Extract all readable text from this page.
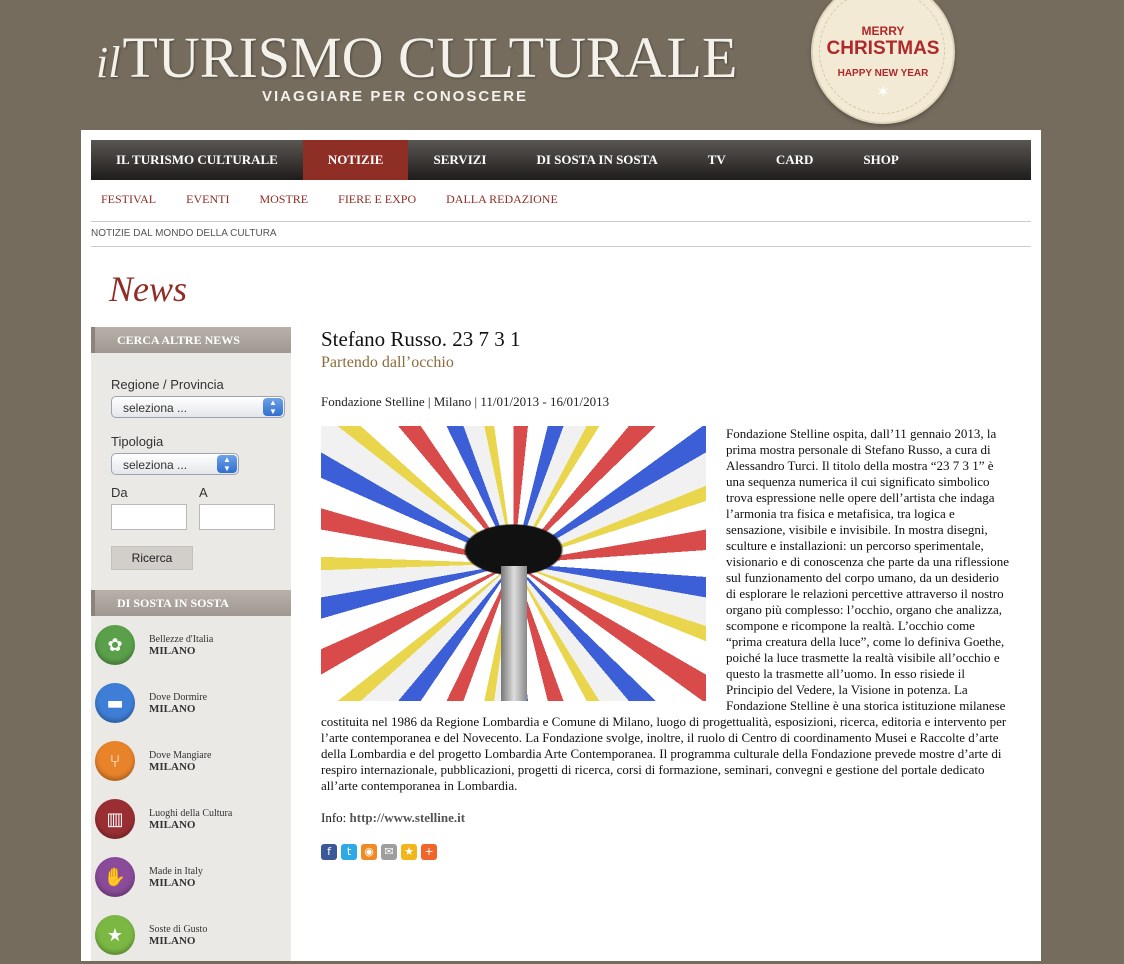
ilTURISMO CULTURALE
VIAGGIARE PER CONOSCERE
MERRY
CHRISTMAS
HAPPY NEW YEAR
✶
IL TURISMO CULTURALE	NOTIZIE	SERVIZI	DI SOSTA IN SOSTA	TV	CARD	SHOP
FESTIVAL	EVENTI	MOSTRE	FIERE E EXPO	DALLA REDAZIONE
NOTIZIE DAL MONDO DELLA CULTURA
News
CERCA ALTRE NEWS
Regione / Provincia
seleziona ...	▲
▼
Tipologia
seleziona ...	▲
▼
Da	A
Ricerca
DI SOSTA IN SOSTA
✿	Bellezze d'Italia
MILANO
▬	Dove Dormire
MILANO
⑂	Dove Mangiare
MILANO
▥	Luoghi della Cultura
MILANO
✋	Made in Italy
MILANO
★	Soste di Gusto
MILANO
Stefano Russo. 23 7 3 1
Partendo dall’occhio
Fondazione Stelline | Milano | 11/01/2013 - 16/01/2013
Fondazione Stelline ospita, dall’11 gennaio 2013, la prima mostra personale di Stefano Russo, a cura di Alessandro Turci. Il titolo della mostra “23 7 3 1” è una sequenza numerica il cui significato simbolico trova espressione nelle opere dell’artista che indaga l’armonia tra fisica e metafisica, tra logica e sensazione, visibile e invisibile. In mostra disegni, sculture e installazioni: un percorso sperimentale, visionario e di conoscenza che parte da una riflessione sul funzionamento del corpo umano, da un desiderio di esplorare le relazioni percettive attraverso il nostro organo più complesso: l’occhio, organo che analizza, scompone e ricompone la realtà. L’occhio come “prima creatura della luce”, come lo definiva Goethe, poiché la luce trasmette la realtà visibile all’occhio e questo la trasmette all’uomo. In esso risiede il Principio del Vedere, la Visione in potenza. La Fondazione Stelline è una storica istituzione milanese costituita nel 1986 da Regione Lombardia e Comune di Milano, luogo di progettualità, esposizioni, ricerca, editoria e intervento per l’arte contemporanea e del Novecento. La Fondazione svolge, inoltre, il ruolo di Centro di coordinamento Musei e Raccolte d’arte della Lombardia e del progetto Lombardia Arte Contemporanea. Il programma culturale della Fondazione prevede mostre d’arte di respiro internazionale, pubblicazioni, progetti di ricerca, corsi di formazione, seminari, convegni e gestione del portale dedicato all’arte contemporanea in Lombardia.
Info: http://www.stelline.it
f	t	◉ ✉ ★ +
